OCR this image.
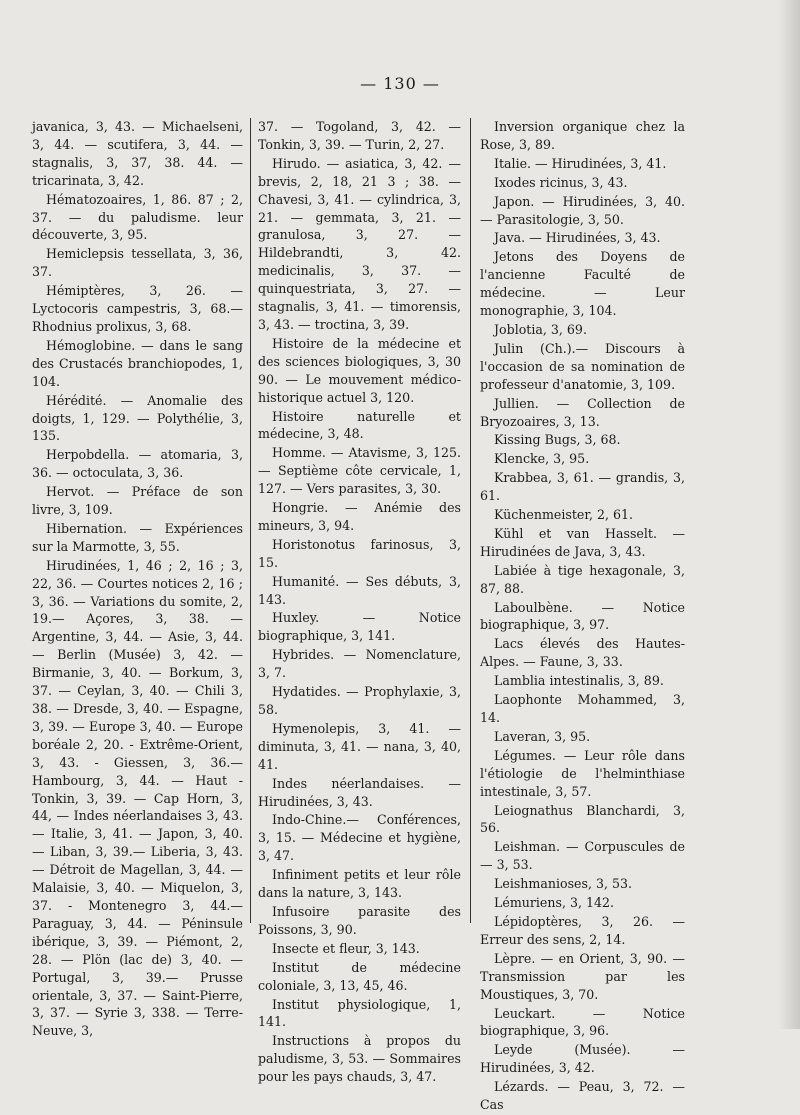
— 130 —

javanica, 3, 43. — Michaelseni, 3, 44. — scutifera, 3, 44. — stagnalis, 3, 37, 38. 44. — tricarinata, 3, 42.

Hématozoaires, 1, 86. 87 ; 2, 37. — du paludisme. leur découverte, 3, 95.

Hemiclepsis tessellata, 3, 36, 37.

Hémiptères, 3, 26. — Lyctocoris campestris, 3, 68.— Rhodnius prolixus, 3, 68.

Hémoglobine. — dans le sang des Crustacés branchiopodes, 1, 104.

Hérédité. — Anomalie des doigts, 1, 129. — Polythélie, 3, 135.

Herpobdella. — atomaria, 3, 36. — octoculata, 3, 36.

Hervot. — Préface de son livre, 3, 109.

Hibernation. — Expériences sur la Marmotte, 3, 55.

Hirudinées, 1, 46 ; 2, 16 ; 3, 22, 36. — Courtes notices 2, 16 ; 3, 36. — Variations du somite, 2, 19.— Açores, 3, 38. — Argentine, 3, 44. — Asie, 3, 44. — Berlin (Musée) 3, 42. — Birmanie, 3, 40. — Borkum, 3, 37. — Ceylan, 3, 40. — Chili 3, 38. — Dresde, 3, 40. — Espagne, 3, 39. — Europe 3, 40. — Europe boréale 2, 20. - Extrême-Orient, 3, 43. - Giessen, 3, 36.— Hambourg, 3, 44. — Haut - Tonkin, 3, 39. — Cap Horn, 3, 44, — Indes néerlandaises 3, 43. — Italie, 3, 41. — Japon, 3, 40. — Liban, 3, 39.— Liberia, 3, 43. — Détroit de Magellan, 3, 44. — Malaisie, 3, 40. — Miquelon, 3, 37. - Montenegro 3, 44.— Paraguay, 3, 44. — Péninsule ibérique, 3, 39. — Piémont, 2, 28. — Plön (lac de) 3, 40. — Portugal, 3, 39.— Prusse orientale, 3, 37. — Saint-Pierre, 3, 37. — Syrie 3, 338. — Terre-Neuve, 3,

37. — Togoland, 3, 42. — Tonkin, 3, 39. — Turin, 2, 27.

Hirudo. — asiatica, 3, 42. — brevis, 2, 18, 21 3 ; 38. — Chavesi, 3, 41. — cylindrica, 3, 21. — gemmata, 3, 21. — granulosa, 3, 27. — Hildebrandti, 3, 42. medicinalis, 3, 37. — quinquestriata, 3, 27. — stagnalis, 3, 41. — timorensis, 3, 43. — troctina, 3, 39.

Histoire de la médecine et des sciences biologiques, 3, 30 90. — Le mouvement médico-historique actuel 3, 120.

Histoire naturelle et médecine, 3, 48.

Homme. — Atavisme, 3, 125. — Septième côte cervicale, 1, 127. — Vers parasites, 3, 30.

Hongrie. — Anémie des mineurs, 3, 94.

Horistonotus farinosus, 3, 15.

Humanité. — Ses débuts, 3, 143.

Huxley. — Notice biographique, 3, 141.

Hybrides. — Nomenclature, 3, 7.

Hydatides. — Prophylaxie, 3, 58.

Hymenolepis, 3, 41. — diminuta, 3, 41. — nana, 3, 40, 41.

Indes néerlandaises. — Hirudinées, 3, 43.

Indo-Chine.— Conférences, 3, 15. — Médecine et hygiène, 3, 47.

Infiniment petits et leur rôle dans la nature, 3, 143.

Infusoire parasite des Poissons, 3, 90.

Insecte et fleur, 3, 143.

Institut de médecine coloniale, 3, 13, 45, 46.

Institut physiologique, 1, 141.

Instructions à propos du paludisme, 3, 53. — Sommaires pour les pays chauds, 3, 47.

Inversion organique chez la Rose, 3, 89.

Italie. — Hirudinées, 3, 41.

Ixodes ricinus, 3, 43.

Japon. — Hirudinées, 3, 40. — Parasitologie, 3, 50.

Java. — Hirudinées, 3, 43.

Jetons des Doyens de l'ancienne Faculté de médecine. — Leur monographie, 3, 104.

Joblotia, 3, 69.

Julin (Ch.).— Discours à l'occasion de sa nomination de professeur d'anatomie, 3, 109.

Jullien. — Collection de Bryozoaires, 3, 13.

Kissing Bugs, 3, 68.

Klencke, 3, 95.

Krabbea, 3, 61. — grandis, 3, 61.

Küchenmeister, 2, 61.

Kühl et van Hasselt. — Hirudinées de Java, 3, 43.

Labiée à tige hexagonale, 3, 87, 88.

Laboulbène. — Notice biographique, 3, 97.

Lacs élevés des Hautes-Alpes. — Faune, 3, 33.

Lamblia intestinalis, 3, 89.

Laophonte Mohammed, 3, 14.

Laveran, 3, 95.

Légumes. — Leur rôle dans l'étiologie de l'helminthiase intestinale, 3, 57.

Leiognathus Blanchardi, 3, 56.

Leishman. — Corpuscules de — 3, 53.

Leishmanioses, 3, 53.

Lémuriens, 3, 142.

Lépidoptères, 3, 26. — Erreur des sens, 2, 14.

Lèpre. — en Orient, 3, 90. — Transmission par les Moustiques, 3, 70.

Leuckart. — Notice biographique, 3, 96.

Leyde (Musée). — Hirudinées, 3, 42.

Lézards. — Peau, 3, 72. — Cas
